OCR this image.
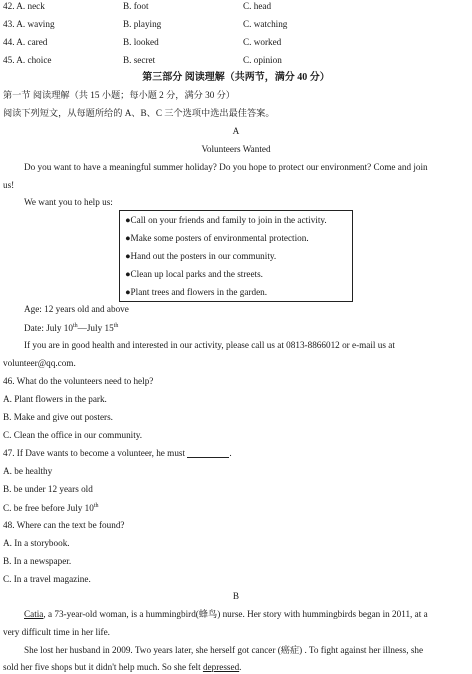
42. A. neck	B. foot	C. head
43. A. waving	B. playing	C. watching
44. A. cared	B. looked	C. worked
45. A. choice	B. secret	C. opinion
第三部分 阅读理解（共两节，满分 40 分）
第一节 阅读理解（共 15 小题；每小题 2 分，满分 30 分）
阅读下列短文，从每题所给的 A、B、C 三个选项中选出最佳答案。
A
Volunteers Wanted
Do you want to have a meaningful summer holiday? Do you hope to protect our environment? Come and join
us!
We want you to help us:
●Call on your friends and family to join in the activity.
●Make some posters of environmental protection.
●Hand out the posters in our community.
●Clean up local parks and the streets.
●Plant trees and flowers in the garden.
Age: 12 years old and above
Date: July 10th—July 15th
If you are in good health and interested in our activity, please call us at 0813-8866012 or e-mail us at
volunteer@qq.com.
46. What do the volunteers need to help?
A. Plant flowers in the park.
B. Make and give out posters.
C. Clean the office in our community.
47. If Dave wants to become a volunteer, he must	.
A. be healthy
B. be under 12 years old
C. be free before July 10th
48. Where can the text be found?
A. In a storybook.
B. In a newspaper.
C. In a travel magazine.
B
Catia, a 73-year-old woman, is a hummingbird(蜂鸟) nurse. Her story with hummingbirds began in 2011, at a
very difficult time in her life.
She lost her husband in 2009. Two years later, she herself got cancer (癌症) . To fight against her illness, she
sold her five shops but it didn't help much. So she felt depressed.
